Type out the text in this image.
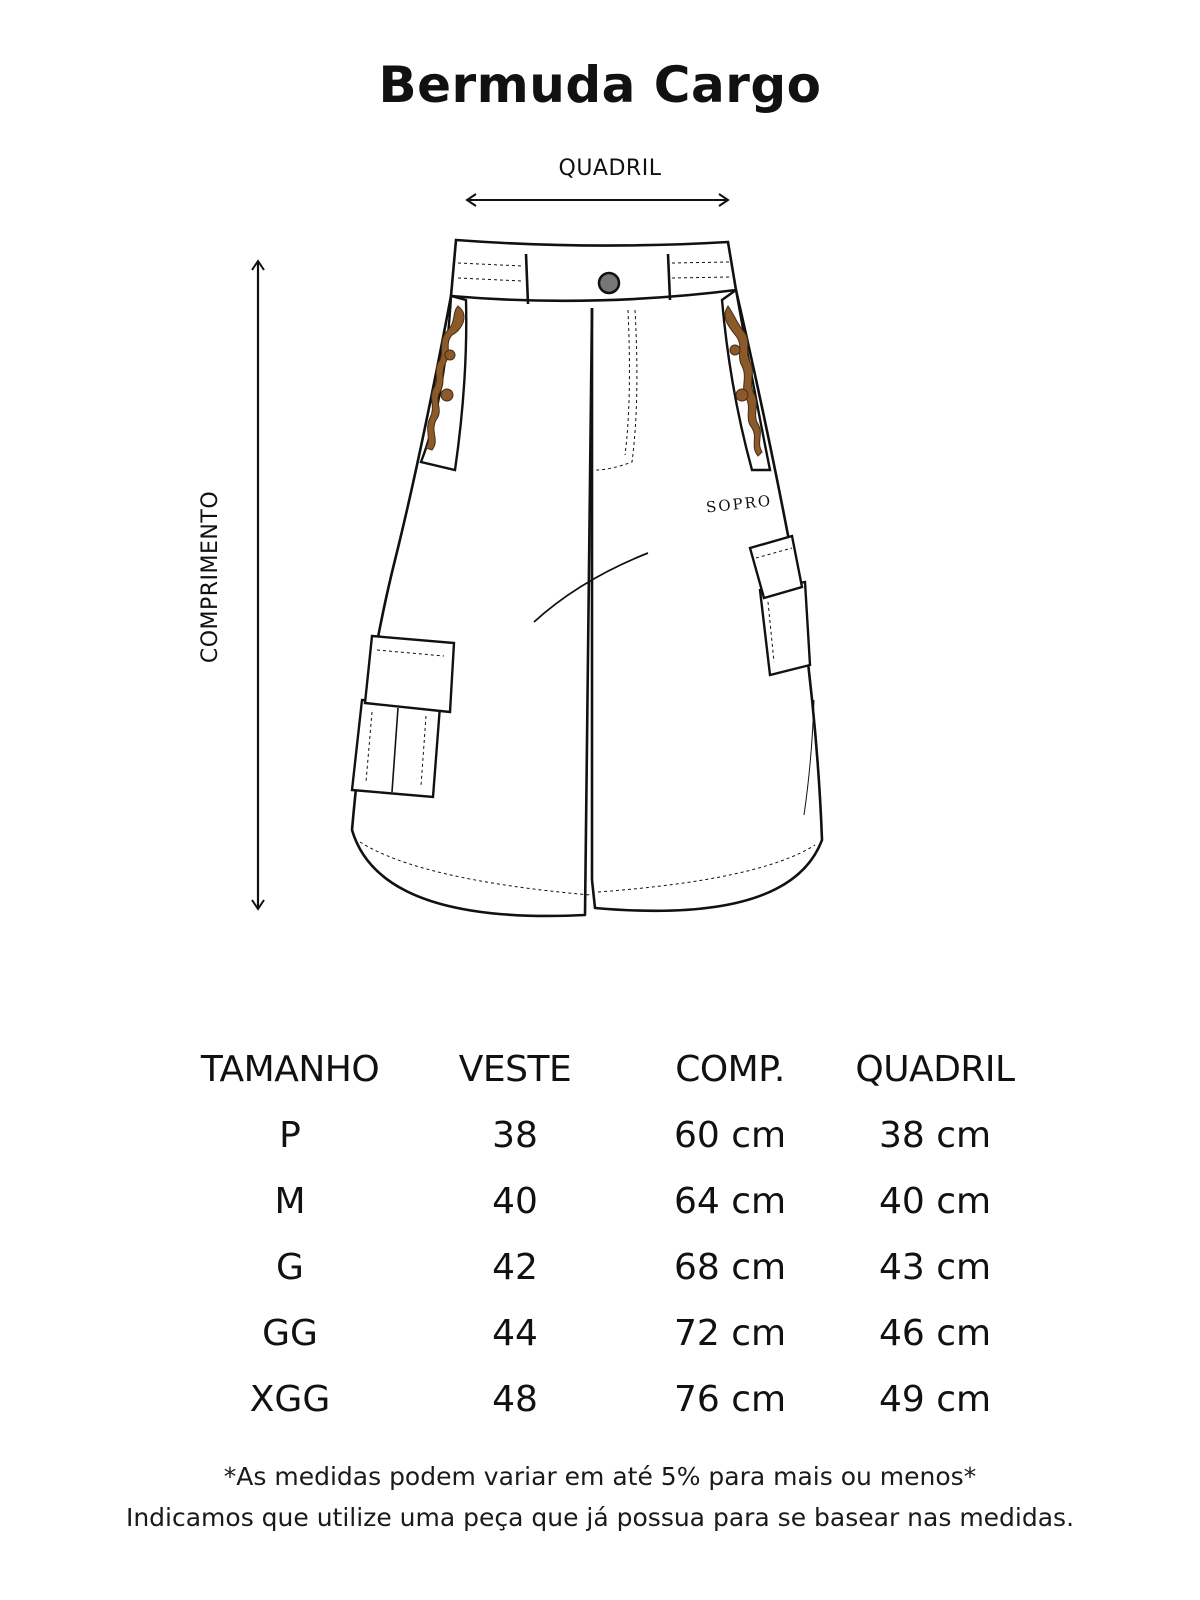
Bermuda Cargo
QUADRIL
COMPRIMENTO	SOPRO
TAMANHO	VESTE	COMP.	QUADRIL
P	38	60 cm	38 cm
M	40	64 cm	40 cm
G	42	68 cm	43 cm
GG	44	72 cm	46 cm
XGG	48	76 cm	49 cm
*As medidas podem variar em até 5% para mais ou menos*
Indicamos que utilize uma peça que já possua para se basear nas medidas.
